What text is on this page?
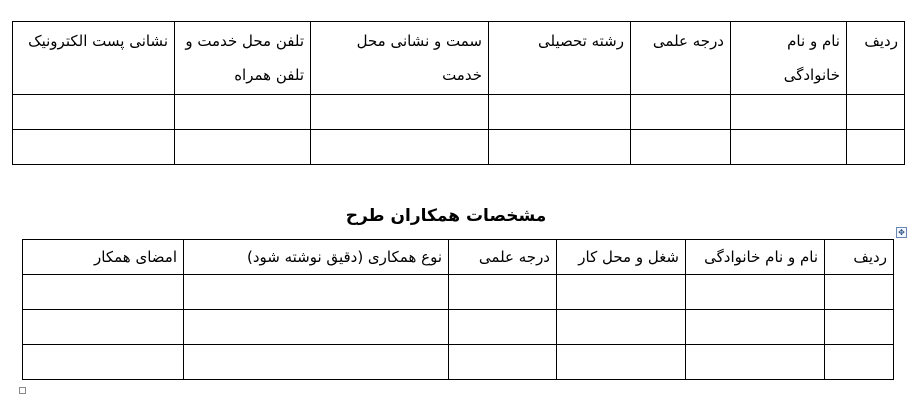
ردیف	نام و نام خانوادگی	درجه علمی	رشته تحصیلی	سمت و نشانی محل خدمت	تلفن محل خدمت و تلفن همراه	نشانی پست الکترونیک

مشخصات همکاران طرح
✥
ردیف	نام و نام خانوادگی	شغل و محل کار	درجه علمی	نوع همکاری (دقیق نوشته شود)	امضای همکار
